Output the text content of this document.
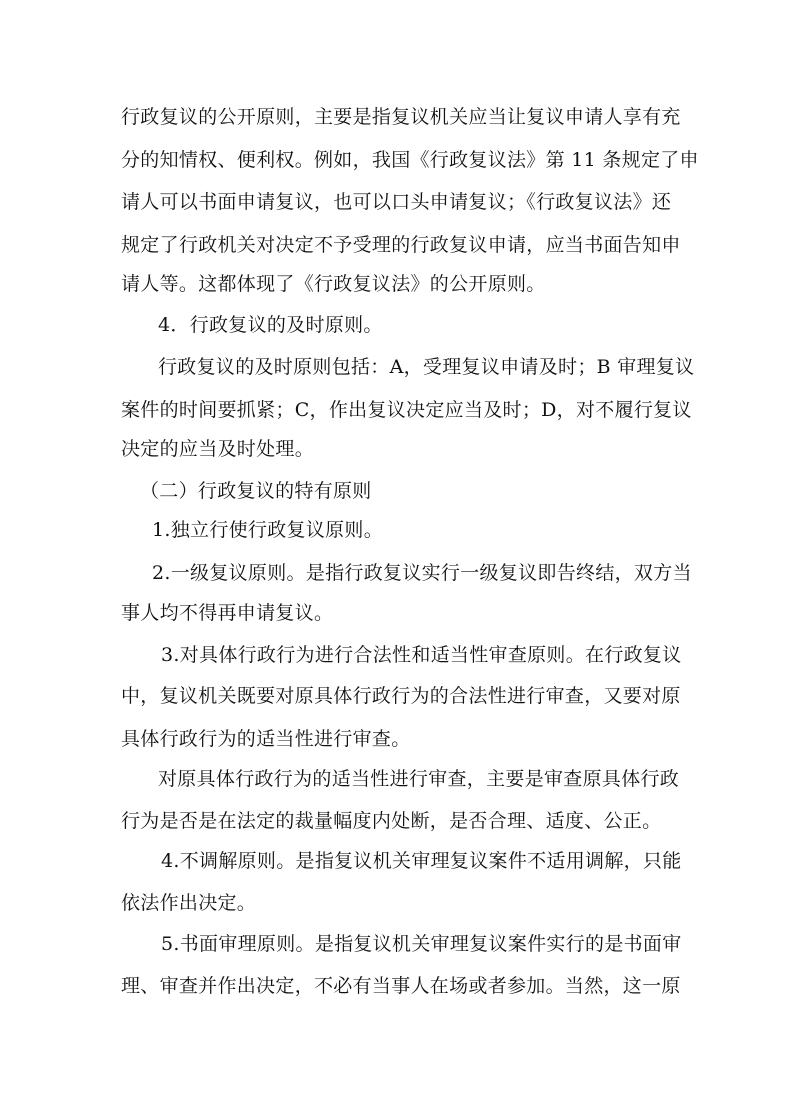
行政复议的公开原则，主要是指复议机关应当让复议申请人享有充
分的知情权、便利权。例如，我国《行政复议法》第 11 条规定了申
请人可以书面申请复议，也可以口头申请复议；《行政复议法》还
规定了行政机关对决定不予受理的行政复议申请，应当书面告知申
请人等。这都体现了《行政复议法》的公开原则。
4．行政复议的及时原则。
行政复议的及时原则包括：A，受理复议申请及时；B 审理复议
案件的时间要抓紧；C，作出复议决定应当及时；D，对不履行复议
决定的应当及时处理。
（二）行政复议的特有原则
1.独立行使行政复议原则。
2.一级复议原则。是指行政复议实行一级复议即告终结，双方当
事人均不得再申请复议。
3.对具体行政行为进行合法性和适当性审查原则。在行政复议
中，复议机关既要对原具体行政行为的合法性进行审查，又要对原
具体行政行为的适当性进行审查。
对原具体行政行为的适当性进行审查，主要是审查原具体行政
行为是否是在法定的裁量幅度内处断，是否合理、适度、公正。
4.不调解原则。是指复议机关审理复议案件不适用调解，只能
依法作出决定。
5.书面审理原则。是指复议机关审理复议案件实行的是书面审
理、审查并作出决定，不必有当事人在场或者参加。当然，这一原
